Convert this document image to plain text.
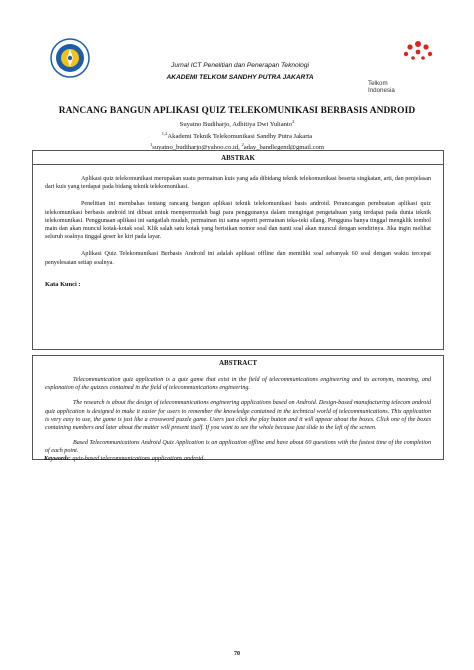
Jurnal ICT Penelitian dan Penerapan Teknologi
AKADEMI TELKOM SANDHY PUTRA JAKARTA
Telkom
Indonesia
RANCANG BANGUN APLIKASI QUIZ TELEKOMUNIKASI BERBASIS ANDROID
Suyatno Budiharjo, Adhitiya Dwi Yulianto$^2$
$^{1,2}$Akademi Teknik Telekomunikasi Sandhy Putra Jakarta
$^1$suyatno_budiharjo@yahoo.co.id, $^2$aday_bandlegend@gmail.com
ABSTRAK

Aplikasi quiz telekomunikasi merupakan suatu permainan kuis yang ada dibidang teknik telekomunikasi beserta singkatan, arti, dan penjelasan dari kuis yang terdapat pada bidang teknik telekomunikasi.

Penelitian ini membahas tentang rancang bangun aplikasi teknik telekomunikasi basis android. Perancangan pembuatan aplikasi quiz telekomunikasi berbasis android ini dibuat untuk mempermudah bagi para penggunanya dalam mengingat pengetahuan yang terdapat pada dunia teknik telekomunikasi. Penggunaan aplikasi ini sangatlah mudah, permainan ini sama seperti permainan teka-teki silang. Pengguna hanya tinggal mengklik tombol main dan akan muncul kotak-kotak soal. Klik salah satu kotak yang berisikan nomor soal dan nanti soal akan muncul dengan sendirinya. Jika ingin melihat seluruh soalnya tinggal geser ke kiri pada layar.

Aplikasi Quiz Telekomunikasi Berbasis Android ini adalah aplikasi offline dan memiliki soal sebanyak 60 soal dengan waktu tercepat penyelesaian setiap soalnya.

Kata Kunci :
ABSTRACT

Telecommunication quiz application is a quiz game that exist in the field of telecommunications engineering and its acronym, meaning, and explanation of the quizzes contained in the field of telecommunications engineering.

The research is about the design of telecommunications engineering applications based on Android. Design-based manufacturing telecom android quiz application is designed to make it easier for users to remember the knowledge contained in the technical world of telecommunications. This application is very easy to use, the game is just like a crossword puzzle game. Users just click the play button and it will appear about the boxes. Click one of the boxes containing numbers and later about the matter will present itself. If you want to see the whole because just slide to the left of the screen.

Based Telecommunications Android Quiz Application is an application offline and have about 60 questions with the fastest time of the completion of each point.

Keywords: quiz-based telecommunications applications android.
70
